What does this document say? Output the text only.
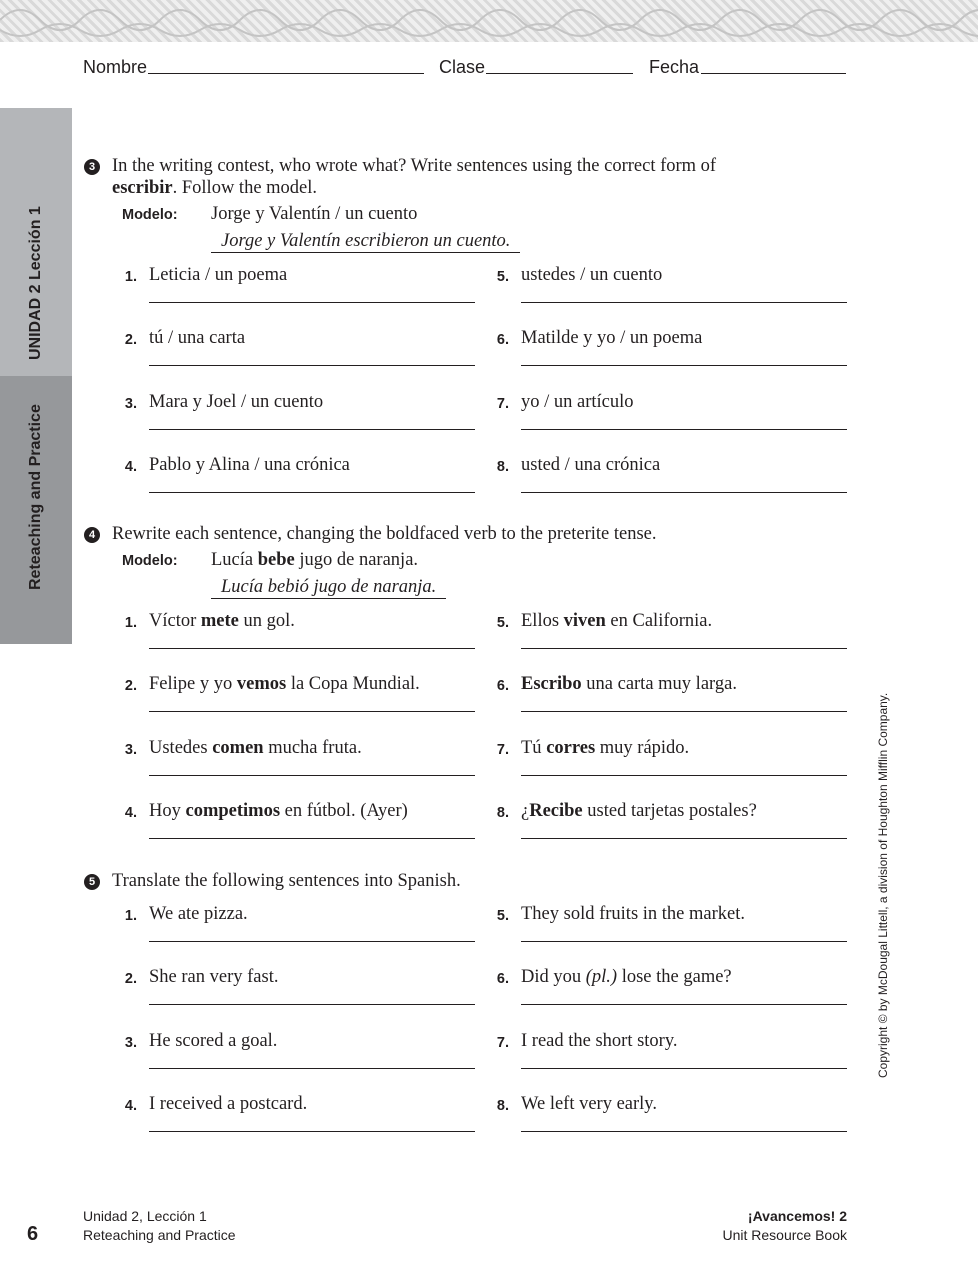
Nombre	Clase	Fecha
UNIDAD 2 Lección 1
Reteaching and Practice
Copyright © by McDougal Littell, a division of Houghton Mifflin Company.
3 In the writing contest, who wrote what? Write sentences using the correct form of
escribir. Follow the model.
Modelo: Jorge y Valentín / un cuento
Jorge y Valentín escribieron un cuento.
1. Leticia / un poema
2. tú / una carta
3. Mara y Joel / un cuento
4. Pablo y Alina / una crónica
5. ustedes / un cuento
6. Matilde y yo / un poema
7. yo / un artículo
8. usted / una crónica
4 Rewrite each sentence, changing the boldfaced verb to the preterite tense.
Modelo: Lucía bebe jugo de naranja.
Lucía bebió jugo de naranja.
1. Víctor mete un gol.
2. Felipe y yo vemos la Copa Mundial.
3. Ustedes comen mucha fruta.
4. Hoy competimos en fútbol. (Ayer)
5. Ellos viven en California.
6. Escribo una carta muy larga.
7. Tú corres muy rápido.
8. ¿Recibe usted tarjetas postales?
5 Translate the following sentences into Spanish.
1. We ate pizza.
2. She ran very fast.
3. He scored a goal.
4. I received a postcard.
5. They sold fruits in the market.
6. Did you (pl.) lose the game?
7. I read the short story.
8. We left very early.
6
Unidad 2, Lección 1
Reteaching and Practice
¡Avancemos! 2
Unit Resource Book
